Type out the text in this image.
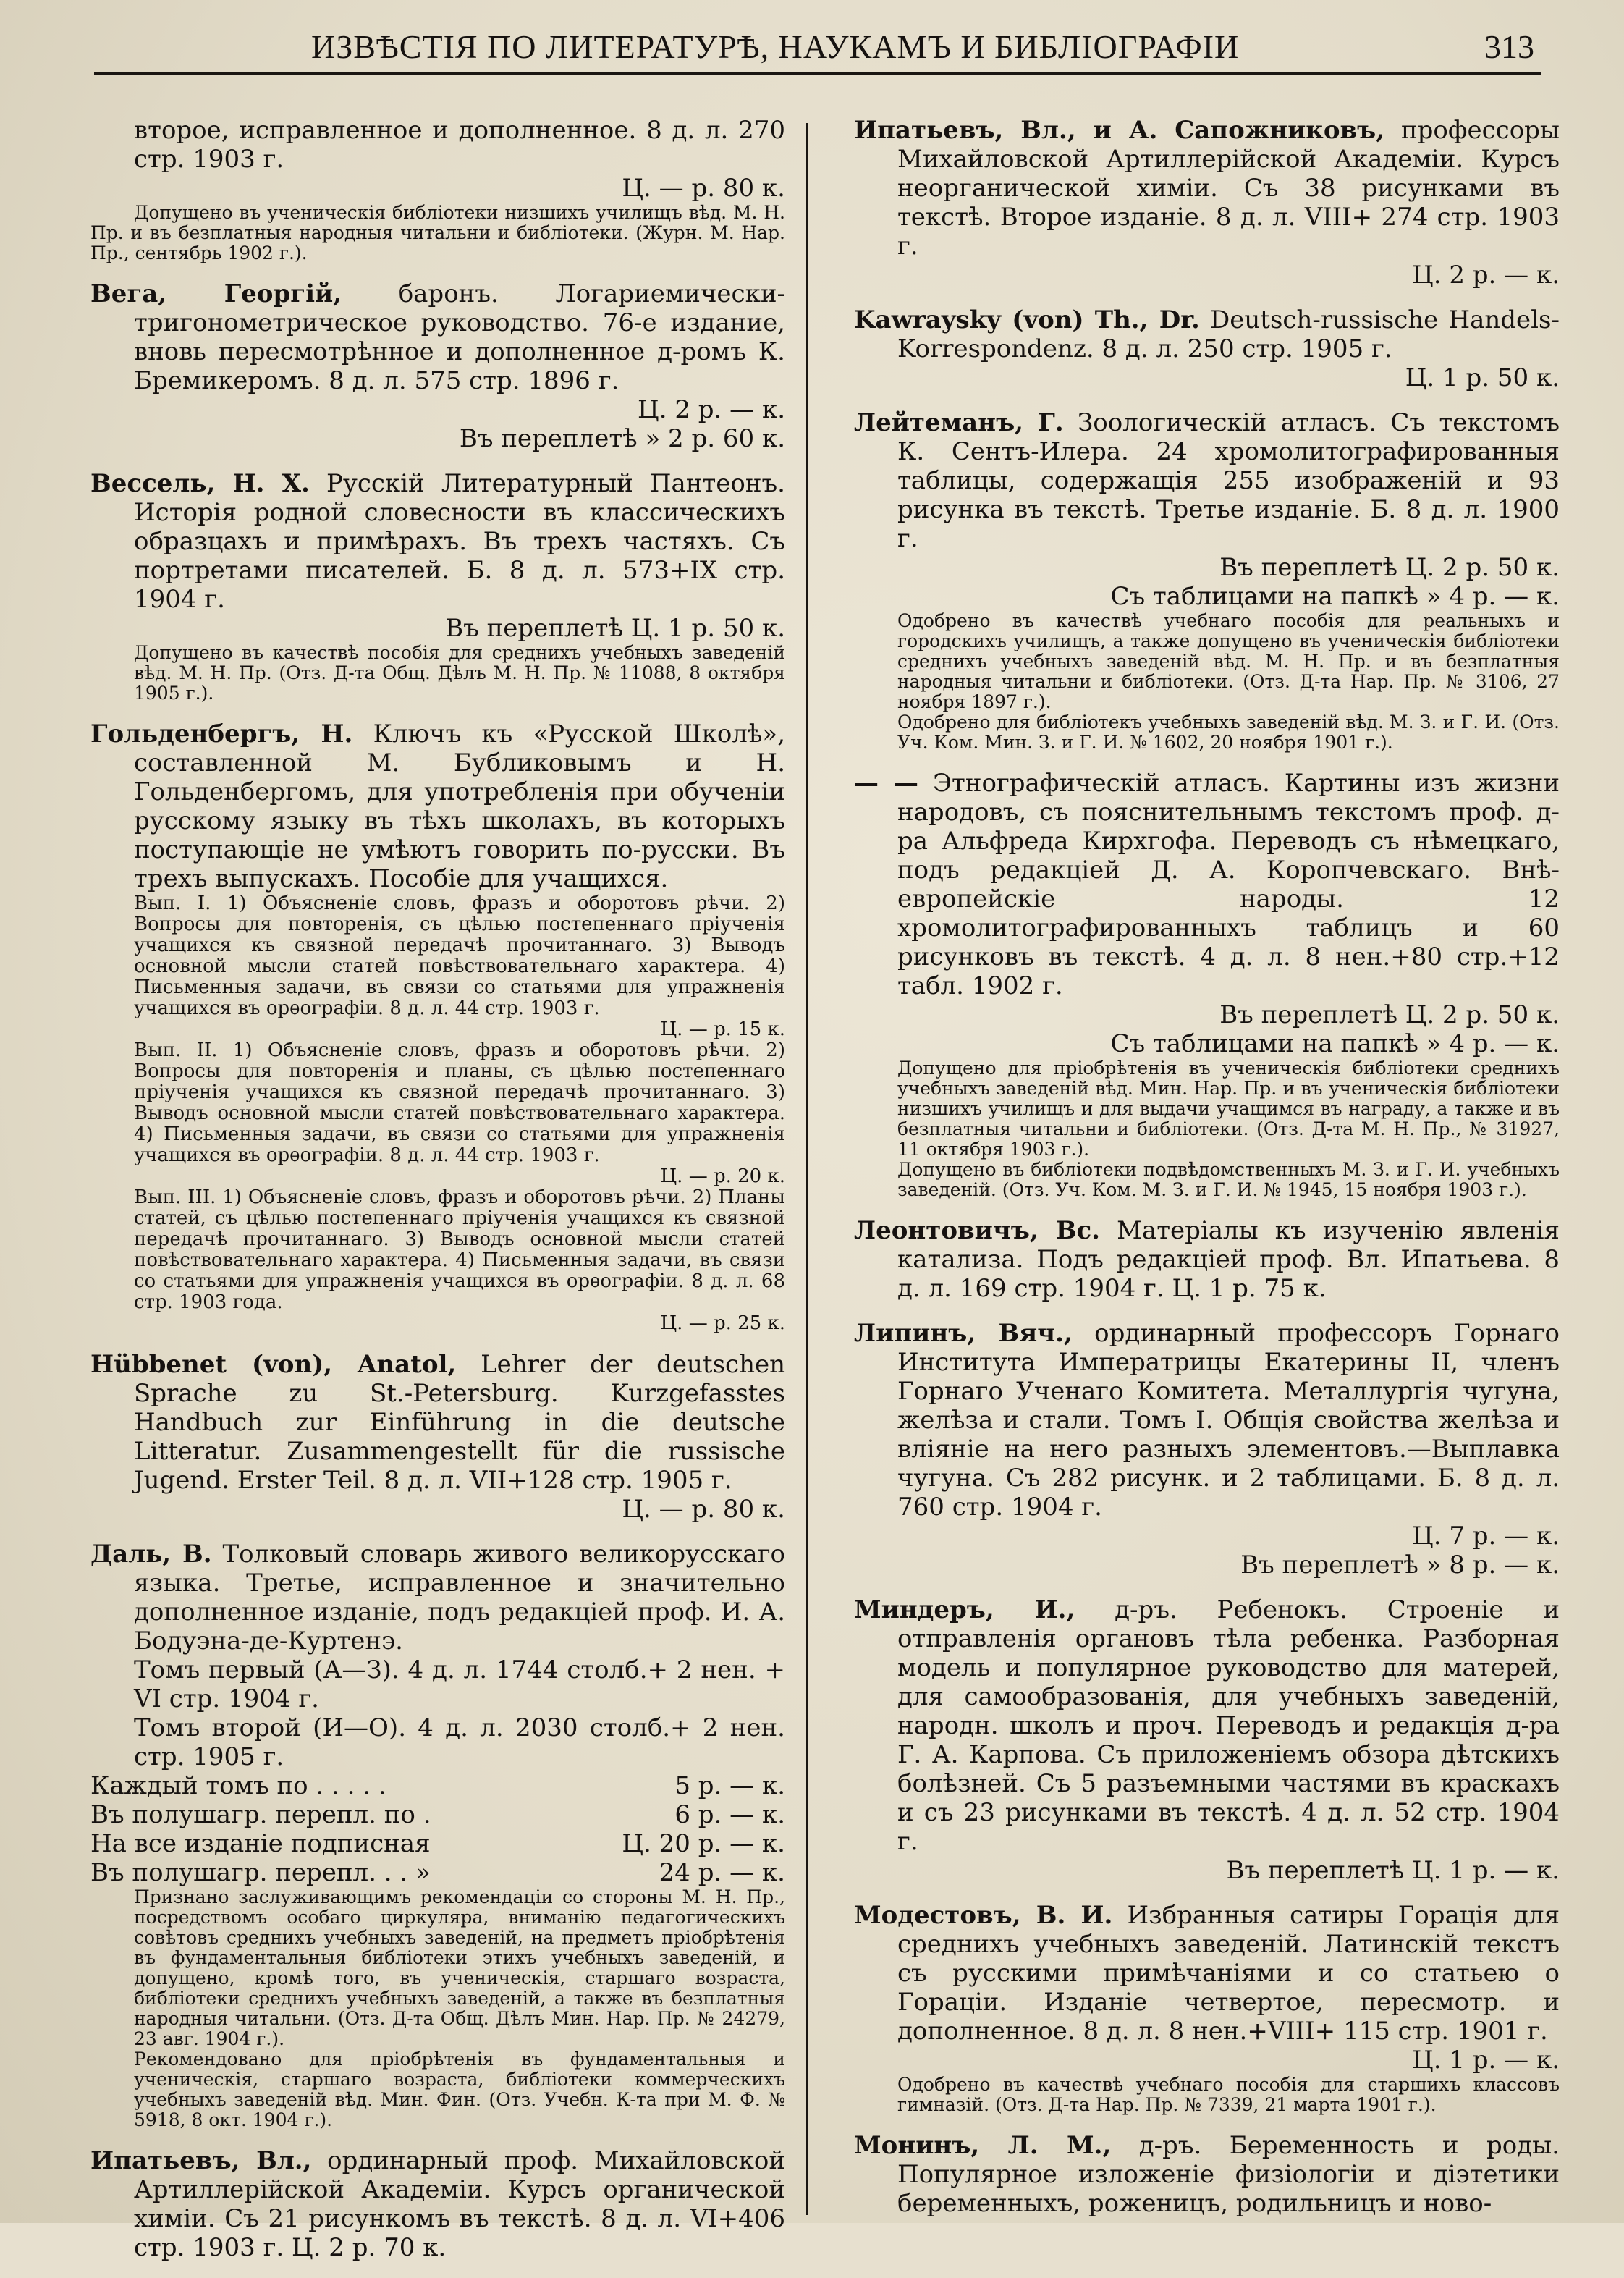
ИЗВѢСТІЯ ПО ЛИТЕРАТУРѢ, НАУКАМЪ И БИБЛІОГРАФІИ	313

второе, исправленное и дополненное. 8 д. л. 270 стр. 1903 г.

Ц. — р. 80 к.

Допущено въ ученическія библіотеки низшихъ училищъ вѣд. М. Н. Пр. и въ безплатныя народныя читальни и библіотеки. (Журн. М. Нар. Пр., сентябрь 1902 г.).

Вега, Георгій, баронъ. Логариемически-тригонометрическое руководство. 76-е издание, вновь пересмотрѣнное и дополненное д-ромъ К. Бремикеромъ. 8 д. л. 575 стр. 1896 г.

Ц. 2 р. — к.

Въ переплетѣ » 2 р. 60 к.

Вессель, Н. Х. Русскій Литературный Пантеонъ. Исторія родной словесности въ классическихъ образцахъ и примѣрахъ. Въ трехъ частяхъ. Съ портретами писателей. Б. 8 д. л. 573+IX стр. 1904 г.

Въ переплетѣ Ц. 1 р. 50 к.

Допущено въ качествѣ пособія для среднихъ учебныхъ заведеній вѣд. М. Н. Пр. (Отз. Д-та Общ. Дѣлъ М. Н. Пр. № 11088, 8 октября 1905 г.).

Гольденбергъ, Н. Ключъ къ «Русской Школѣ», составленной М. Бубликовымъ и Н. Гольденбергомъ, для употребленія при обученіи русскому языку въ тѣхъ школахъ, въ которыхъ поступающіе не умѣютъ говорить по-русски. Въ трехъ выпускахъ. Пособіе для учащихся.

Вып. I. 1) Объясненіе словъ, фразъ и оборотовъ рѣчи. 2) Вопросы для повторенія, съ цѣлью постепеннаго пріученія учащихся къ связной передачѣ прочитаннаго. 3) Выводъ основной мысли статей повѣствовательнаго характера. 4) Письменныя задачи, въ связи со статьями для упражненія учащихся въ орѳографіи. 8 д. л. 44 стр. 1903 г.

Ц. — р. 15 к.

Вып. II. 1) Объясненіе словъ, фразъ и оборотовъ рѣчи. 2) Вопросы для повторенія и планы, съ цѣлью постепеннаго пріученія учащихся къ связной передачѣ прочитаннаго. 3) Выводъ основной мысли статей повѣствовательнаго характера. 4) Письменныя задачи, въ связи со статьями для упражненія учащихся въ орѳографіи. 8 д. л. 44 стр. 1903 г.

Ц. — р. 20 к.

Вып. III. 1) Объясненіе словъ, фразъ и оборотовъ рѣчи. 2) Планы статей, съ цѣлью постепеннаго пріученія учащихся къ связной передачѣ прочитаннаго. 3) Выводъ основной мысли статей повѣствовательнаго характера. 4) Письменныя задачи, въ связи со статьями для упражненія учащихся въ орѳографіи. 8 д. л. 68 стр. 1903 года.

Ц. — р. 25 к.

Hübbenet (von), Anatol, Lehrer der deutschen Sprache zu St.-Petersburg. Kurzgefasstes Handbuch zur Einführung in die deutsche Litteratur. Zusammengestellt für die russische Jugend. Erster Teil. 8 д. л. VII+128 стр. 1905 г.

Ц. — р. 80 к.

Даль, В. Толковый словарь живого великорусскаго языка. Третье, исправленное и значительно дополненное изданіе, подъ редакціей проф. И. А. Бодуэна-де-Куртенэ.

Томъ первый (А—З). 4 д. л. 1744 столб.+ 2 нен. + VI стр. 1904 г.

Томъ второй (И—О). 4 д. л. 2030 столб.+ 2 нен. стр. 1905 г.

Каждый томъ по . . . . .	5 р. — к.
Въ полушагр. перепл. по .	6 р. — к.
На все изданіе подписная	Ц. 20 р. — к.
Въ полушагр. перепл. . . »	24 р. — к.

Признано заслуживающимъ рекомендаціи со стороны М. Н. Пр., посредствомъ особаго циркуляра, вниманію педагогическихъ совѣтовъ среднихъ учебныхъ заведеній, на предметъ пріобрѣтенія въ фундаментальныя библіотеки этихъ учебныхъ заведеній, и допущено, кромѣ того, въ ученическія, старшаго возраста, библіотеки среднихъ учебныхъ заведеній, а также въ безплатныя народныя читальни. (Отз. Д-та Общ. Дѣлъ Мин. Нар. Пр. № 24279, 23 авг. 1904 г.).

Рекомендовано для пріобрѣтенія въ фундаментальныя и ученическія, старшаго возраста, библіотеки коммерческихъ учебныхъ заведеній вѣд. Мин. Фин. (Отз. Учебн. К-та при М. Ф. № 5918, 8 окт. 1904 г.).

Ипатьевъ, Вл., ординарный проф. Михайловской Артиллерійской Академіи. Курсъ органической химіи. Съ 21 рисункомъ въ текстѣ. 8 д. л. VI+406 стр. 1903 г. Ц. 2 р. 70 к.

Ипатьевъ, Вл., и А. Сапожниковъ, профессоры Михайловской Артиллерійской Академіи. Курсъ неорганической химіи. Съ 38 рисунками въ текстѣ. Второе изданіе. 8 д. л. VIII+ 274 стр. 1903 г.

Ц. 2 р. — к.

Kawraysky (von) Th., Dr. Deutsch-russische Handels-Korrespondenz. 8 д. л. 250 стр. 1905 г.

Ц. 1 р. 50 к.

Лейтеманъ, Г. Зоологическій атласъ. Съ текстомъ К. Сентъ-Илера. 24 хромолитографированныя таблицы, содержащія 255 изображеній и 93 рисунка въ текстѣ. Третье изданіе. Б. 8 д. л. 1900 г.

Въ переплетѣ Ц. 2 р. 50 к.

Съ таблицами на папкѣ » 4 р. — к.

Одобрено въ качествѣ учебнаго пособія для реальныхъ и городскихъ училищъ, а также допущено въ ученическія библіотеки среднихъ учебныхъ заведеній вѣд. М. Н. Пр. и въ безплатныя народныя читальни и библіотеки. (Отз. Д-та Нар. Пр. № 3106, 27 ноября 1897 г.).

Одобрено для библіотекъ учебныхъ заведеній вѣд. М. З. и Г. И. (Отз. Уч. Ком. Мин. З. и Г. И. № 1602, 20 ноября 1901 г.).

— — Этнографическій атласъ. Картины изъ жизни народовъ, съ пояснительнымъ текстомъ проф. д-ра Альфреда Кирхгофа. Переводъ съ нѣмецкаго, подъ редакціей Д. А. Коропчевскаго. Внѣ-европейскіе народы. 12 хромолитографированныхъ таблицъ и 60 рисунковъ въ текстѣ. 4 д. л. 8 нен.+80 стр.+12 табл. 1902 г.

Въ переплетѣ Ц. 2 р. 50 к.

Съ таблицами на папкѣ » 4 р. — к.

Допущено для пріобрѣтенія въ ученическія библіотеки среднихъ учебныхъ заведеній вѣд. Мин. Нар. Пр. и въ ученическія библіотеки низшихъ училищъ и для выдачи учащимся въ награду, а также и въ безплатныя читальни и библіотеки. (Отз. Д-та М. Н. Пр., № 31927, 11 октября 1903 г.).

Допущено въ библіотеки подвѣдомственныхъ М. З. и Г. И. учебныхъ заведеній. (Отз. Уч. Ком. М. З. и Г. И. № 1945, 15 ноября 1903 г.).

Леонтовичъ, Вс. Матеріалы къ изученію явленія катализа. Подъ редакціей проф. Вл. Ипатьева. 8 д. л. 169 стр. 1904 г. Ц. 1 р. 75 к.

Липинъ, Вяч., ординарный профессоръ Горнаго Института Императрицы Екатерины II, членъ Горнаго Ученаго Комитета. Металлургія чугуна, желѣза и стали. Томъ I. Общія свойства желѣза и вліяніе на него разныхъ элементовъ.—Выплавка чугуна. Съ 282 рисунк. и 2 таблицами. Б. 8 д. л. 760 стр. 1904 г.

Ц. 7 р. — к.

Въ переплетѣ » 8 р. — к.

Миндеръ, И., д-ръ. Ребенокъ. Строеніе и отправленія органовъ тѣла ребенка. Разборная модель и популярное руководство для матерей, для самообразованія, для учебныхъ заведеній, народн. школъ и проч. Переводъ и редакція д-ра Г. А. Карпова. Съ приложеніемъ обзора дѣтскихъ болѣзней. Съ 5 разъемными частями въ краскахъ и съ 23 рисунками въ текстѣ. 4 д. л. 52 стр. 1904 г.

Въ переплетѣ Ц. 1 р. — к.

Модестовъ, В. И. Избранныя сатиры Горація для среднихъ учебныхъ заведеній. Латинскій текстъ съ русскими примѣчаніями и со статьею о Гораціи. Изданіе четвертое, пересмотр. и дополненное. 8 д. л. 8 нен.+VIII+ 115 стр. 1901 г.

Ц. 1 р. — к.

Одобрено въ качествѣ учебнаго пособія для старшихъ классовъ гимназій. (Отз. Д-та Нар. Пр. № 7339, 21 марта 1901 г.).

Монинъ, Л. М., д-ръ. Беременность и роды. Популярное изложеніе физіологіи и діэтетики беременныхъ, роженицъ, родильницъ и ново-
